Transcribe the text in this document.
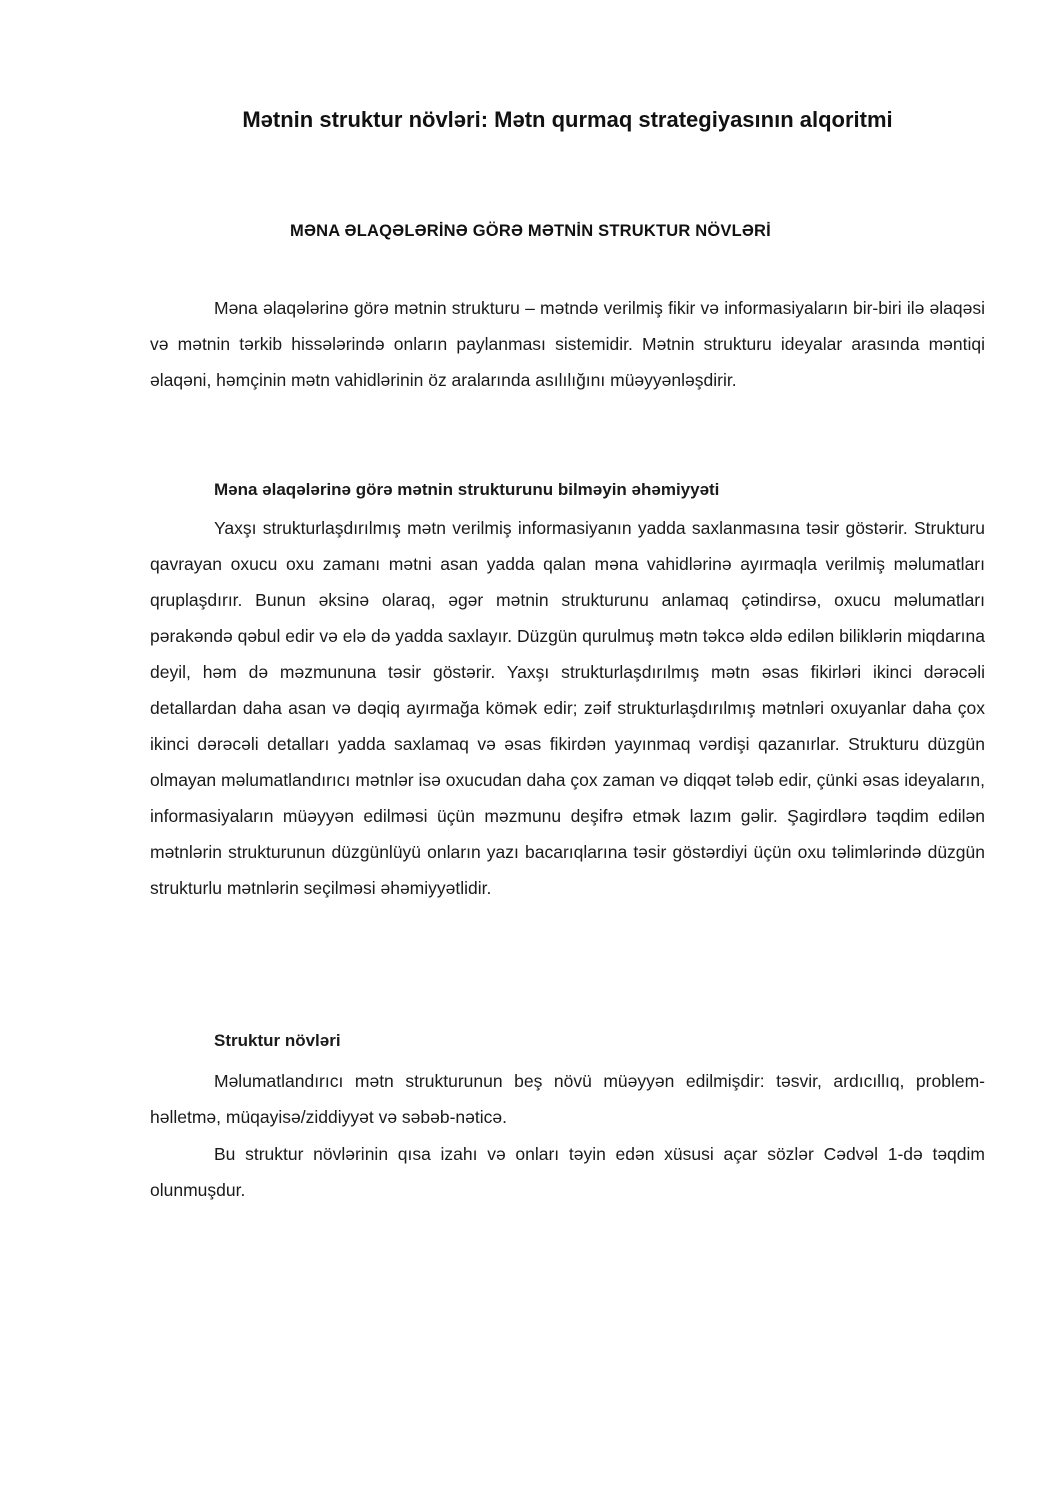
Mətnin struktur növləri: Mətn qurmaq strategiyasının alqoritmi
MƏNA ƏLAQƏLƏRİNƏ GÖRƏ MƏTNİN STRUKTUR NÖVLƏRİ

Məna əlaqələrinə görə mətnin strukturu – mətndə verilmiş fikir və informasiyaların bir-biri ilə əlaqəsi və mətnin tərkib hissələrində onların paylanması sistemidir. Mətnin strukturu ideyalar arasında məntiqi əlaqəni, həmçinin mətn vahidlərinin öz aralarında asılılığını müəyyənləşdirir.

Məna əlaqələrinə görə mətnin strukturunu bilməyin əhəmiyyəti

Yaxşı strukturlaşdırılmış mətn verilmiş informasiyanın yadda saxlanmasına təsir göstərir. Strukturu qavrayan oxucu oxu zamanı mətni asan yadda qalan məna vahidlərinə ayırmaqla verilmiş məlumatları qruplaşdırır. Bunun əksinə olaraq, əgər mətnin strukturunu anlamaq çətindirsə, oxucu məlumatları pərakəndə qəbul edir və elə də yadda saxlayır. Düzgün qurulmuş mətn təkcə əldə edilən biliklərin miqdarına deyil, həm də məzmununa təsir göstərir. Yaxşı strukturlaşdırılmış mətn əsas fikirləri ikinci dərəcəli detallardan daha asan və dəqiq ayırmağa kömək edir; zəif strukturlaşdırılmış mətnləri oxuyanlar daha çox ikinci dərəcəli detalları yadda saxlamaq və əsas fikirdən yayınmaq vərdişi qazanırlar. Strukturu düzgün olmayan məlumatlandırıcı mətnlər isə oxucudan daha çox zaman və diqqət tələb edir, çünki əsas ideyaların, informasiyaların müəyyən edilməsi üçün məzmunu deşifrə etmək lazım gəlir. Şagirdlərə təqdim edilən mətnlərin strukturunun düzgünlüyü onların yazı bacarıqlarına təsir göstərdiyi üçün oxu təlimlərində düzgün strukturlu mətnlərin seçilməsi əhəmiyyətlidir.

Struktur növləri

Məlumatlandırıcı mətn strukturunun beş növü müəyyən edilmişdir: təsvir, ardıcıllıq, problem-həlletmə, müqayisə/ziddiyyət və səbəb-nəticə.

Bu struktur növlərinin qısa izahı və onları təyin edən xüsusi açar sözlər Cədvəl 1-də təqdim olunmuşdur.
